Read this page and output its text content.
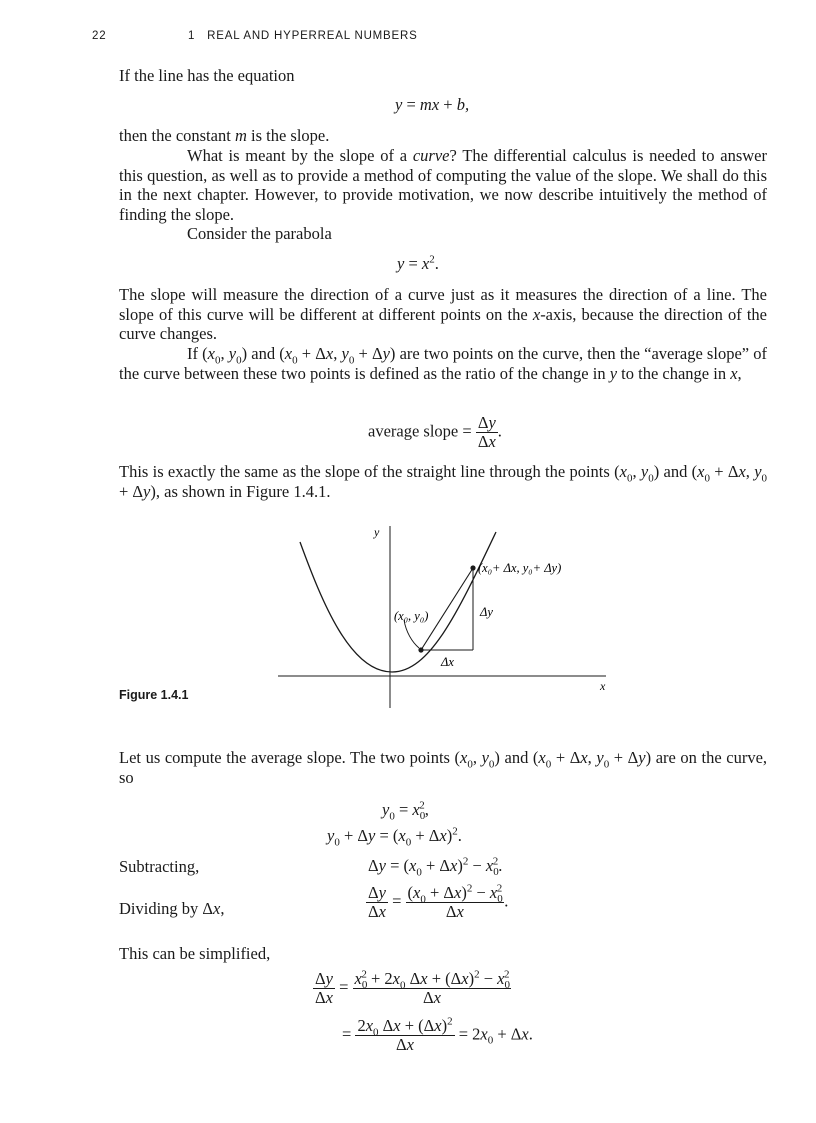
22	1   REAL AND HYPERREAL NUMBERS
If the line has the equation
y = mx + b,
then the constant m is the slope.
What is meant by the slope of a curve? The differential calculus is needed to answer this question, as well as to provide a method of computing the value of the slope. We shall do this in the next chapter. However, to provide motivation, we now describe intuitively the method of finding the slope.
Consider the parabola
$y = x^2$.
The slope will measure the direction of a curve just as it measures the direction of a line. The slope of this curve will be different at different points on the x-axis, because the direction of the curve changes.
If ($x_0$, $y_0$) and ($x_0 + \Delta x$, $y_0 + \Delta y$) are two points on the curve, then the “average slope” of the curve between these two points is defined as the ratio of the change in y to the change in x,
average slope = $\frac{\Delta y}{\Delta x}$ .
This is exactly the same as the slope of the straight line through the points ($x_0$, $y_0$) and ($x_0 + \Delta x$, $y_0 + \Delta y$), as shown in Figure 1.4.1.
y
x
(x₀+ Δx, y₀+ Δy)
(x₀, y₀)	Δy
Δx
Figure 1.4.1
Let us compute the average slope. The two points ($x_0$, $y_0$) and ($x_0 + \Delta x$, $y_0 + \Delta y$) are on the curve, so
$y_0 = x_0^2$,
$y_0 + \Delta y = (x_0 + \Delta x)^2$.
Subtracting,	$\Delta y = (x_0 + \Delta x)^2 - x_0^2$.
Dividing by Δx,	$\frac{\Delta y}{\Delta x} = \frac{(x_0 + \Delta x)^2 - x_0^2}{\Delta x}$ .
This can be simplified,
$\frac{\Delta y}{\Delta x} = \frac{x_0^2 + 2x_0 \Delta x + (\Delta x)^2 - x_0^2}{\Delta x}$
= $\frac{2x_0 \Delta x + (\Delta x)^2}{\Delta x} = 2x_0 + \Delta x$.
